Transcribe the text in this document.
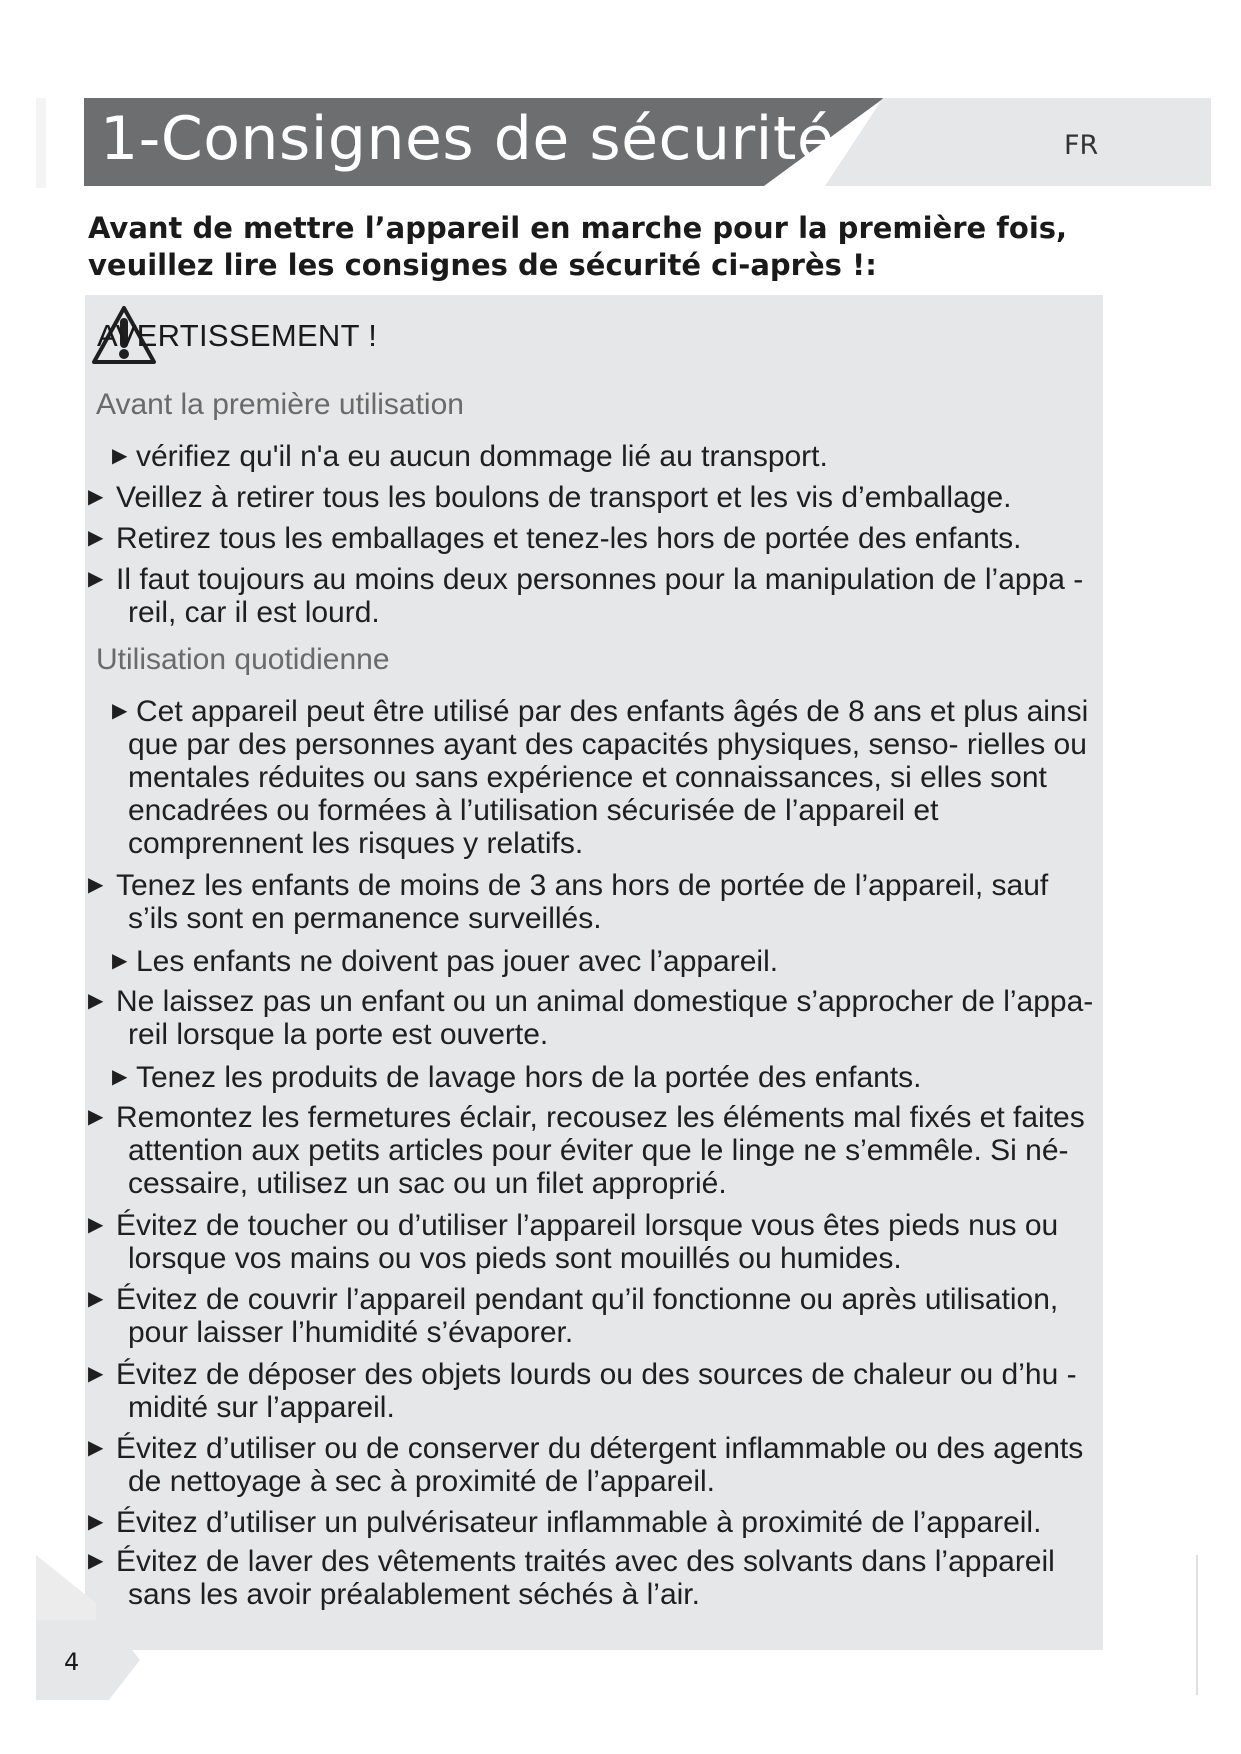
1-Consignes de sécurité	FR

Avant de mettre l’appareil en marche pour la première fois, veuillez lire les consignes de sécurité ci-après !:

AVERTISSEMENT !
Avant la première utilisation
▶ vérifiez qu'il n'a eu aucun dommage lié au transport.
▶ Veillez à retirer tous les boulons de transport et les vis d’emballage.
▶ Retirez tous les emballages et tenez-les hors de portée des enfants.
▶ Il faut toujours au moins deux personnes pour la manipulation de l’appa - reil, car il est lourd.
Utilisation quotidienne
▶ Cet appareil peut être utilisé par des enfants âgés de 8 ans et plus ainsi que par des personnes ayant des capacités physiques, senso- rielles ou mentales réduites ou sans expérience et connaissances, si elles sont encadrées ou formées à l’utilisation sécurisée de l’appareil et comprennent les risques y relatifs.
▶ Tenez les enfants de moins de 3 ans hors de portée de l’appareil, sauf s’ils sont en permanence surveillés.
▶ Les enfants ne doivent pas jouer avec l’appareil.
▶ Ne laissez pas un enfant ou un animal domestique s’approcher de l’appa- reil lorsque la porte est ouverte.
▶ Tenez les produits de lavage hors de la portée des enfants.
▶ Remontez les fermetures éclair, recousez les éléments mal fixés et faites attention aux petits articles pour éviter que le linge ne s’emmêle. Si né- cessaire, utilisez un sac ou un filet approprié.
▶ Évitez de toucher ou d’utiliser l’appareil lorsque vous êtes pieds nus ou lorsque vos mains ou vos pieds sont mouillés ou humides.
▶ Évitez de couvrir l’appareil pendant qu’il fonctionne ou après utilisation, pour laisser l’humidité s’évaporer.
▶ Évitez de déposer des objets lourds ou des sources de chaleur ou d’hu - midité sur l’appareil.
▶ Évitez d’utiliser ou de conserver du détergent inflammable ou des agents de nettoyage à sec à proximité de l’appareil.
▶ Évitez d’utiliser un pulvérisateur inflammable à proximité de l’appareil.
▶ Évitez de laver des vêtements traités avec des solvants dans l’appareil sans les avoir préalablement séchés à l’air.
4
